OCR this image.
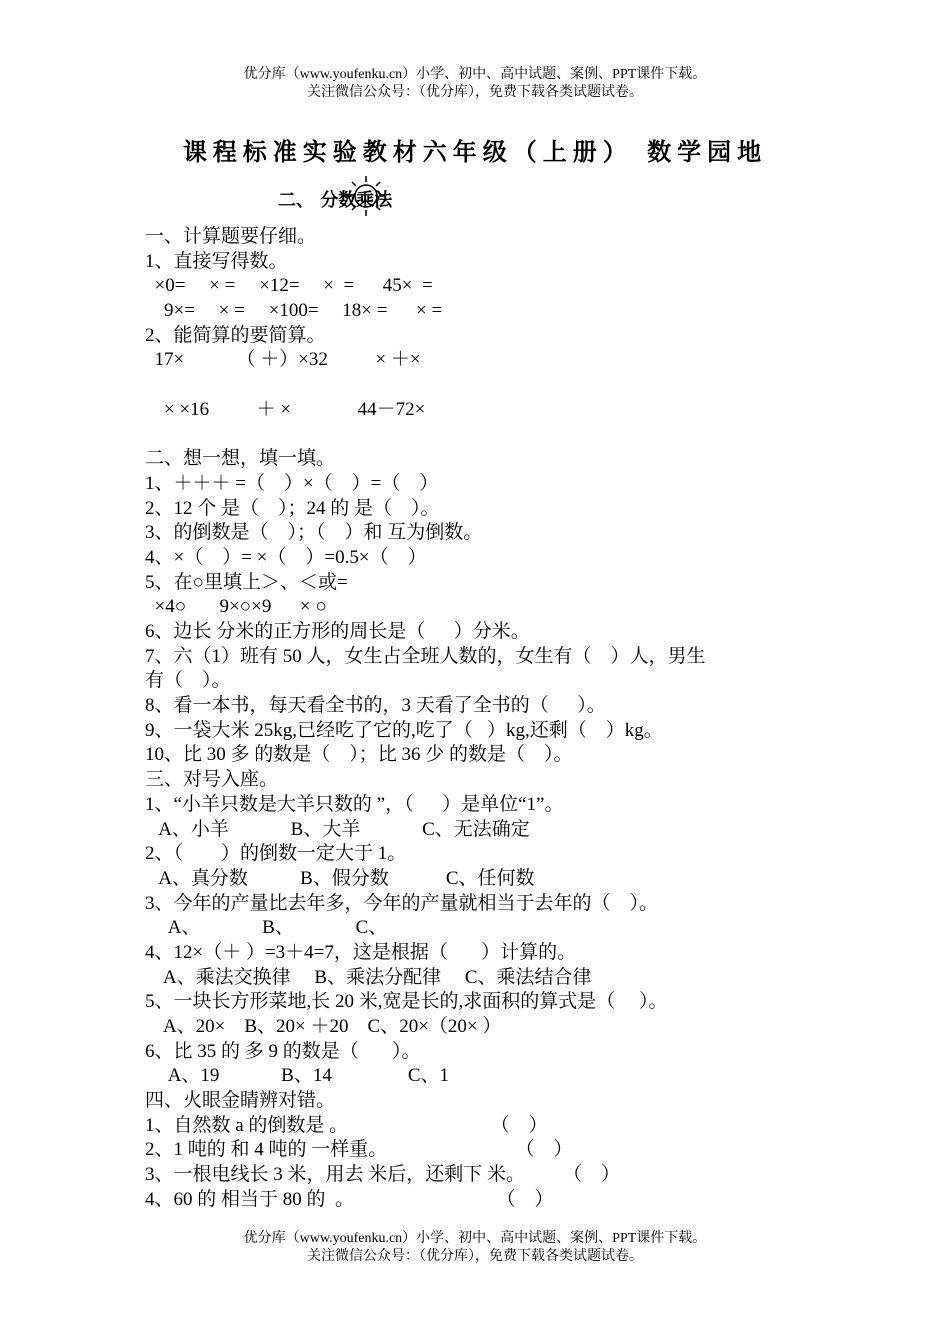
优分库（www.youfenku.cn）小学、初中、高中试题、案例、PPT课件下载。
关注微信公众号：（优分库），免费下载各类试题试卷。
课程标准实验教材六年级（上册） 数学园地
二、 分数乘法
一、计算题要仔细。
1、直接写得数。
×0=     × =     ×12=     ×  =      45×  =
9×=     × =     ×100=     18× =      × =
2、能简算的要简算。
17×           （ ＋）×32          × ＋×
× ×16          ＋ ×              44－72×
二、想一想，填一填。
1、＋＋＋ =（    ）×（    ）=（    ）
2、12 个 是（    ）；24 的 是（    ）。
3、的倒数是（    ）；（    ）和 互为倒数。
4、×（    ）= ×（    ）=0.5×（    ）
5、在○里填上＞、＜或=
×4○       9×○×9      × ○
6、边长 分米的正方形的周长是（      ）分米。
7、六（1）班有 50 人，女生占全班人数的，女生有（    ）人，男生
有（    ）。
8、看一本书，每天看全书的，3 天看了全书的（      ）。
9、一袋大米 25kg,已经吃了它的,吃了（   ）kg,还剩（    ）kg。
10、比 30 多 的数是（    ）；比 36 少 的数是（    ）。
三、对号入座。
1、“小羊只数是大羊只数的 ”，（      ）是单位“1”。
A、小羊             B、大羊             C、无法确定
2、（        ）的倒数一定大于 1。
A、真分数           B、假分数            C、任何数
3、今年的产量比去年多，今年的产量就相当于去年的（    ）。
A、             B、             C、
4、12×（＋ ）=3＋4=7，这是根据（       ）计算的。
A、乘法交换律     B、乘法分配律     C、乘法结合律
5、一块长方形菜地,长 20 米,宽是长的,求面积的算式是（     ）。
A、20×    B、20× ＋20    C、20×（20× ）
6、比 35 的 多 9 的数是（       ）。
A、19             B、14                C、1
四、火眼金睛辨对错。
1、自然数 a 的倒数是 。                              （    ）
2、1 吨的 和 4 吨的 一样重。                           （    ）
3、一根电线长 3 米，用去 米后，还剩下 米。        （    ）
4、60 的 相当于 80 的  。                              （    ）
优分库（www.youfenku.cn）小学、初中、高中试题、案例、PPT课件下载。
关注微信公众号：（优分库），免费下载各类试题试卷。
